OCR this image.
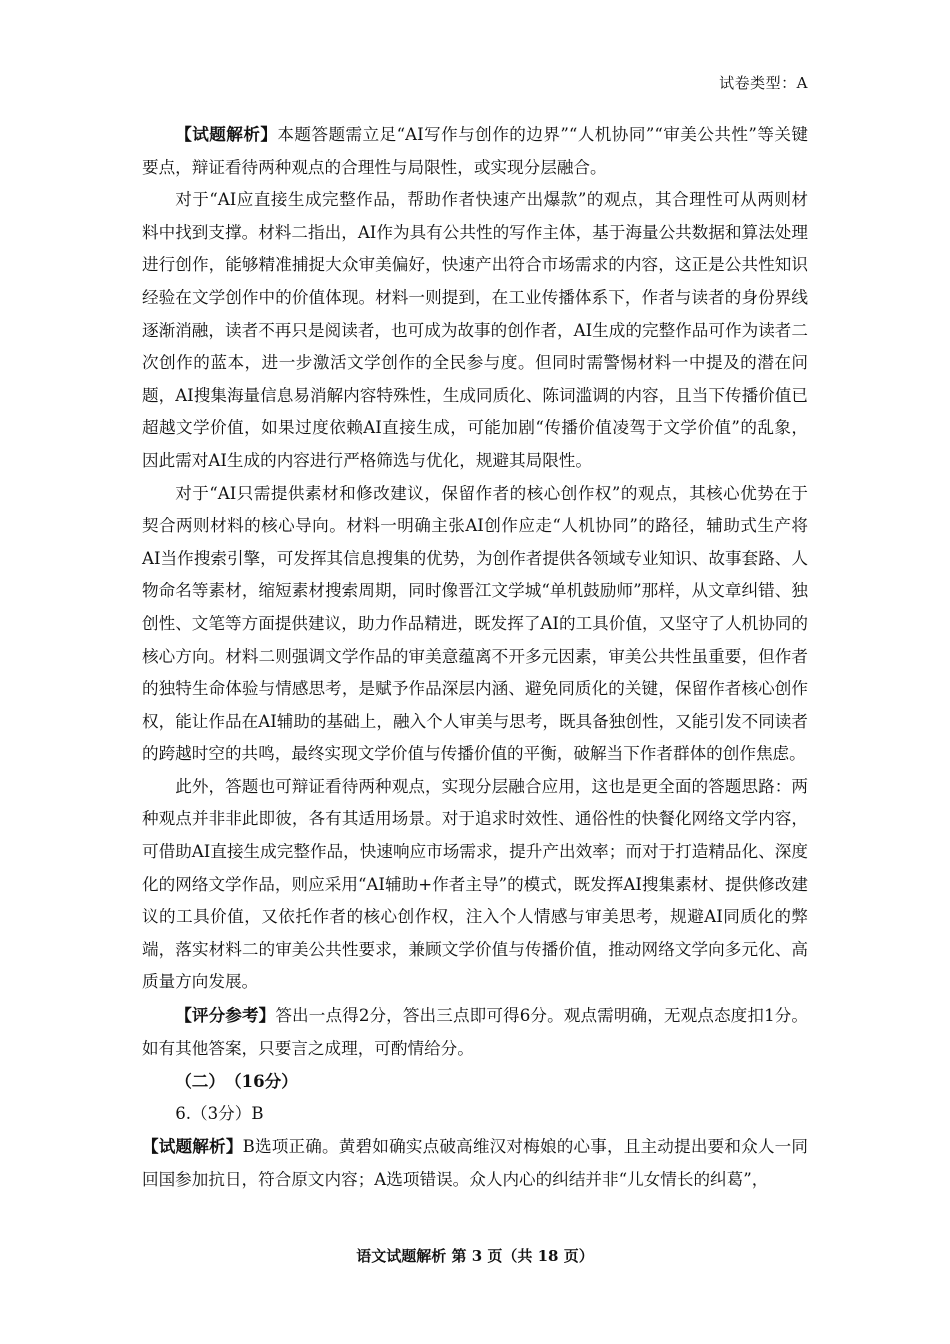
试卷类型：A

【试题解析】本题答题需立足“AI写作与创作的边界”“人机协同”“审美公共性”等关键要点，辩证看待两种观点的合理性与局限性，或实现分层融合。

对于“AI应直接生成完整作品，帮助作者快速产出爆款”的观点，其合理性可从两则材料中找到支撑。材料二指出，AI作为具有公共性的写作主体，基于海量公共数据和算法处理进行创作，能够精准捕捉大众审美偏好，快速产出符合市场需求的内容，这正是公共性知识经验在文学创作中的价值体现。材料一则提到，在工业传播体系下，作者与读者的身份界线逐渐消融，读者不再只是阅读者，也可成为故事的创作者，AI生成的完整作品可作为读者二次创作的蓝本，进一步激活文学创作的全民参与度。但同时需警惕材料一中提及的潜在问题，AI搜集海量信息易消解内容特殊性，生成同质化、陈词滥调的内容，且当下传播价值已超越文学价值，如果过度依赖AI直接生成，可能加剧“传播价值凌驾于文学价值”的乱象，因此需对AI生成的内容进行严格筛选与优化，规避其局限性。

对于“AI只需提供素材和修改建议，保留作者的核心创作权”的观点，其核心优势在于契合两则材料的核心导向。材料一明确主张AI创作应走“人机协同”的路径，辅助式生产将AI当作搜索引擎，可发挥其信息搜集的优势，为创作者提供各领域专业知识、故事套路、人物命名等素材，缩短素材搜索周期，同时像晋江文学城“单机鼓励师”那样，从文章纠错、独创性、文笔等方面提供建议，助力作品精进，既发挥了AI的工具价值，又坚守了人机协同的核心方向。材料二则强调文学作品的审美意蕴离不开多元因素，审美公共性虽重要，但作者的独特生命体验与情感思考，是赋予作品深层内涵、避免同质化的关键，保留作者核心创作权，能让作品在AI辅助的基础上，融入个人审美与思考，既具备独创性，又能引发不同读者的跨越时空的共鸣，最终实现文学价值与传播价值的平衡，破解当下作者群体的创作焦虑。

此外，答题也可辩证看待两种观点，实现分层融合应用，这也是更全面的答题思路：两种观点并非非此即彼，各有其适用场景。对于追求时效性、通俗性的快餐化网络文学内容，可借助AI直接生成完整作品，快速响应市场需求，提升产出效率；而对于打造精品化、深度化的网络文学作品，则应采用“AI辅助+作者主导”的模式，既发挥AI搜集素材、提供修改建议的工具价值，又依托作者的核心创作权，注入个人情感与审美思考，规避AI同质化的弊端，落实材料二的审美公共性要求，兼顾文学价值与传播价值，推动网络文学向多元化、高质量方向发展。

【评分参考】答出一点得2分，答出三点即可得6分。观点需明确，无观点态度扣1分。如有其他答案，只要言之成理，可酌情给分。

（二）　（16分）

6.（3分）B

【试题解析】B选项正确。黄碧如确实点破高维汉对梅娘的心事，且主动提出要和众人一同回国参加抗日，符合原文内容；A选项错误。众人内心的纠结并非“儿女情长的纠葛”，

语文试题解析 第 3 页（共 18 页）
